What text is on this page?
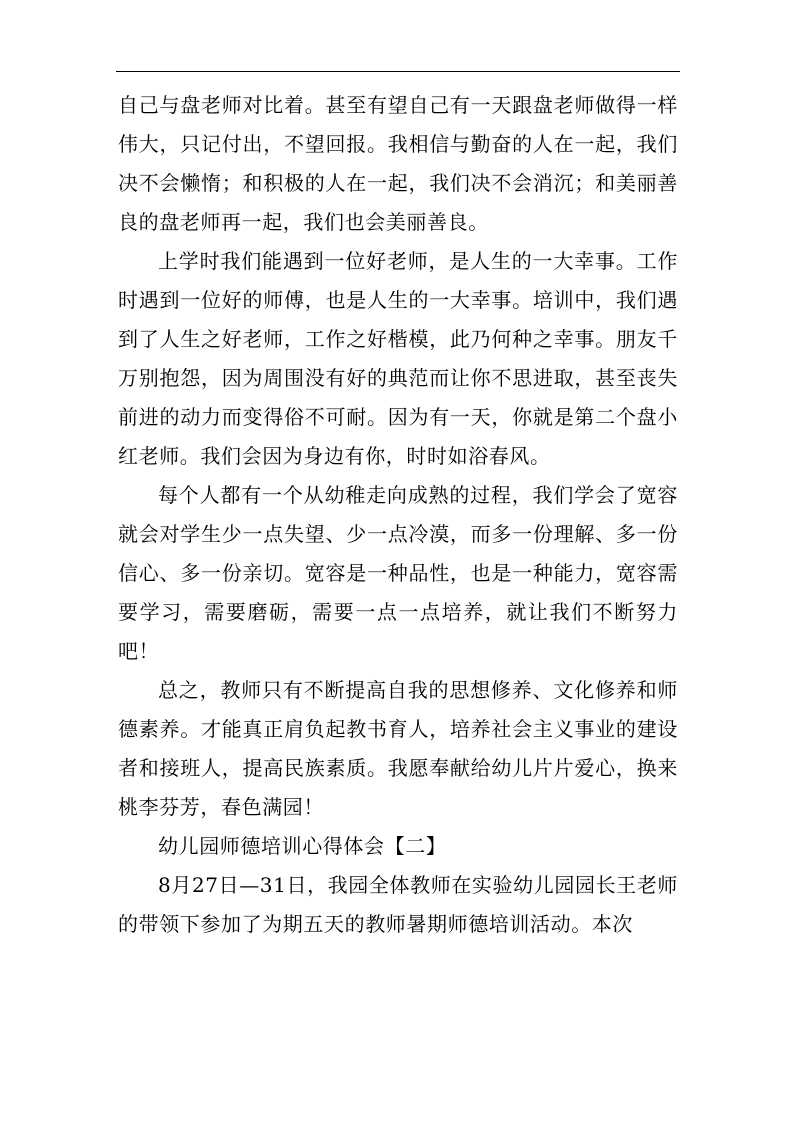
自己与盘老师对比着。甚至有望自己有一天跟盘老师做得一样伟大，只记付出，不望回报。我相信与勤奋的人在一起，我们决不会懒惰；和积极的人在一起，我们决不会消沉；和美丽善良的盘老师再一起，我们也会美丽善良。

上学时我们能遇到一位好老师，是人生的一大幸事。工作时遇到一位好的师傅，也是人生的一大幸事。培训中，我们遇到了人生之好老师，工作之好楷模，此乃何种之幸事。朋友千万别抱怨，因为周围没有好的典范而让你不思进取，甚至丧失前进的动力而变得俗不可耐。因为有一天，你就是第二个盘小红老师。我们会因为身边有你，时时如浴春风。

每个人都有一个从幼稚走向成熟的过程，我们学会了宽容就会对学生少一点失望、少一点冷漠，而多一份理解、多一份信心、多一份亲切。宽容是一种品性，也是一种能力，宽容需要学习，需要磨砺，需要一点一点培养，就让我们不断努力吧！

总之，教师只有不断提高自我的思想修养、文化修养和师德素养。才能真正肩负起教书育人，培养社会主义事业的建设者和接班人，提高民族素质。我愿奉献给幼儿片片爱心，换来桃李芬芳，春色满园！

幼儿园师德培训心得体会【二】

8月27日—31日，我园全体教师在实验幼儿园园长王老师的带领下参加了为期五天的教师暑期师德培训活动。本次
